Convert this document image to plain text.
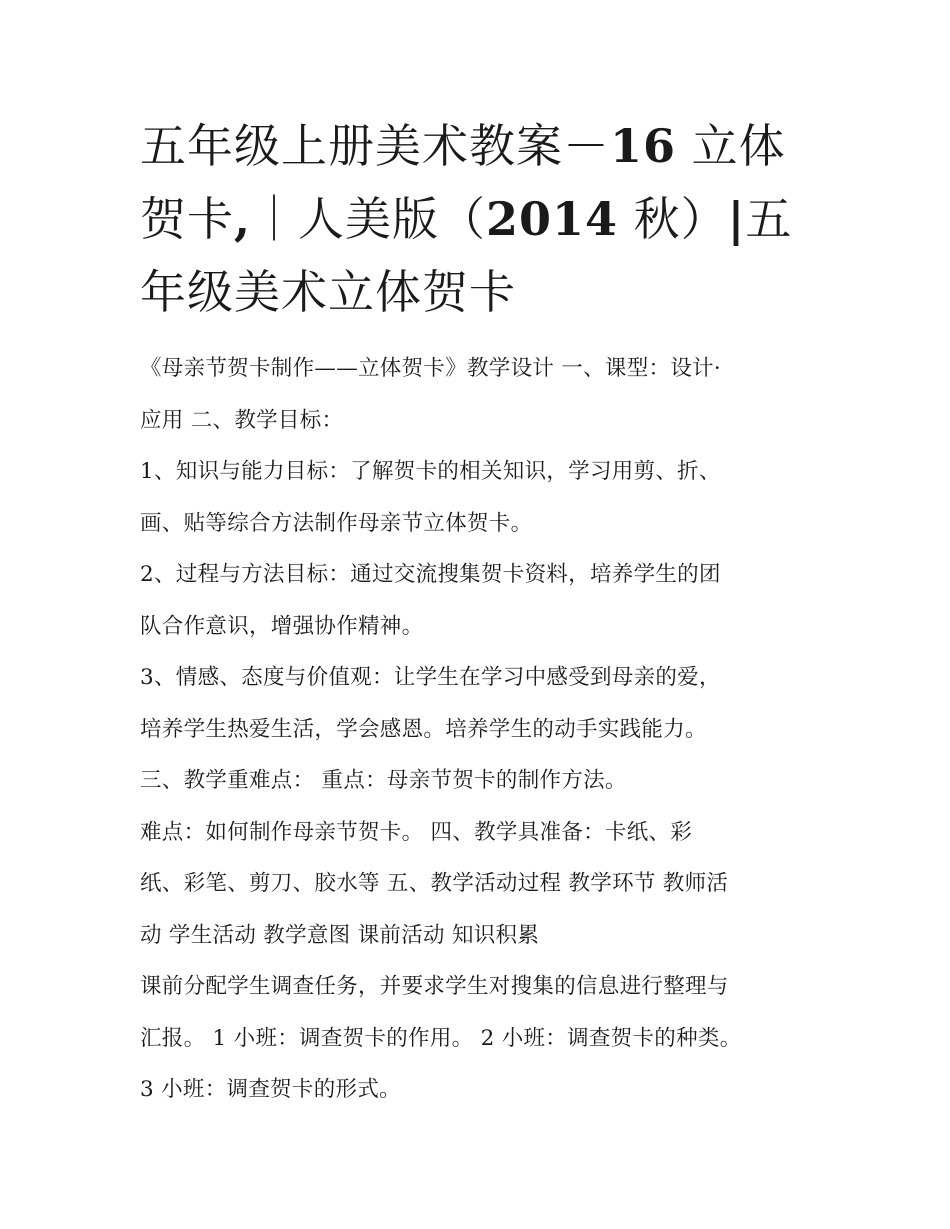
五年级上册美术教案－16 立体
贺卡,｜人美版（2014 秋）|五
年级美术立体贺卡

《母亲节贺卡制作——立体贺卡》教学设计 一、课型：设计·

应用 二、教学目标：

1、知识与能力目标：了解贺卡的相关知识，学习用剪、折、

画、贴等综合方法制作母亲节立体贺卡。

2、过程与方法目标：通过交流搜集贺卡资料，培养学生的团

队合作意识，增强协作精神。

3、情感、态度与价值观：让学生在学习中感受到母亲的爱，

培养学生热爱生活，学会感恩。培养学生的动手实践能力。

三、教学重难点： 重点：母亲节贺卡的制作方法。

难点：如何制作母亲节贺卡。 四、教学具准备：卡纸、彩

纸、彩笔、剪刀、胶水等 五、教学活动过程 教学环节 教师活

动 学生活动 教学意图 课前活动 知识积累

课前分配学生调查任务，并要求学生对搜集的信息进行整理与

汇报。 1 小班：调查贺卡的作用。 2 小班：调查贺卡的种类。

3 小班：调查贺卡的形式。
